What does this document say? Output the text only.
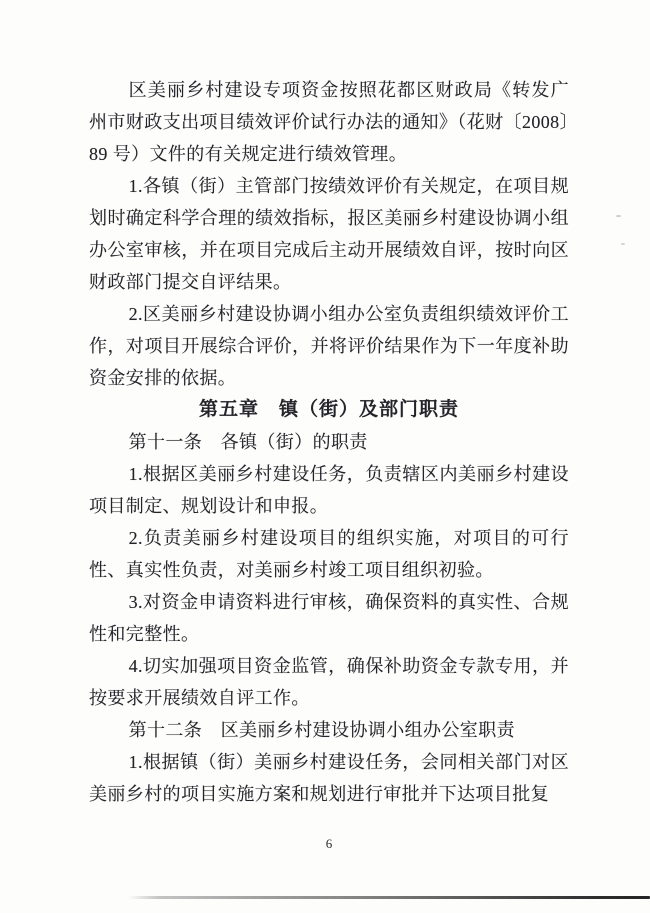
区美丽乡村建设专项资金按照花都区财政局《转发广州市财政支出项目绩效评价试行办法的通知》（花财〔2008〕89 号）文件的有关规定进行绩效管理。

1.各镇（街）主管部门按绩效评价有关规定，在项目规划时确定科学合理的绩效指标，报区美丽乡村建设协调小组办公室审核，并在项目完成后主动开展绩效自评，按时向区财政部门提交自评结果。

2.区美丽乡村建设协调小组办公室负责组织绩效评价工作，对项目开展综合评价，并将评价结果作为下一年度补助资金安排的依据。

第五章　镇（街）及部门职责

第十一条　各镇（街）的职责

1.根据区美丽乡村建设任务，负责辖区内美丽乡村建设项目制定、规划设计和申报。

2.负责美丽乡村建设项目的组织实施，对项目的可行性、真实性负责，对美丽乡村竣工项目组织初验。

3.对资金申请资料进行审核，确保资料的真实性、合规性和完整性。

4.切实加强项目资金监管，确保补助资金专款专用，并按要求开展绩效自评工作。

第十二条　区美丽乡村建设协调小组办公室职责

1.根据镇（街）美丽乡村建设任务，会同相关部门对区美丽乡村的项目实施方案和规划进行审批并下达项目批复

6
